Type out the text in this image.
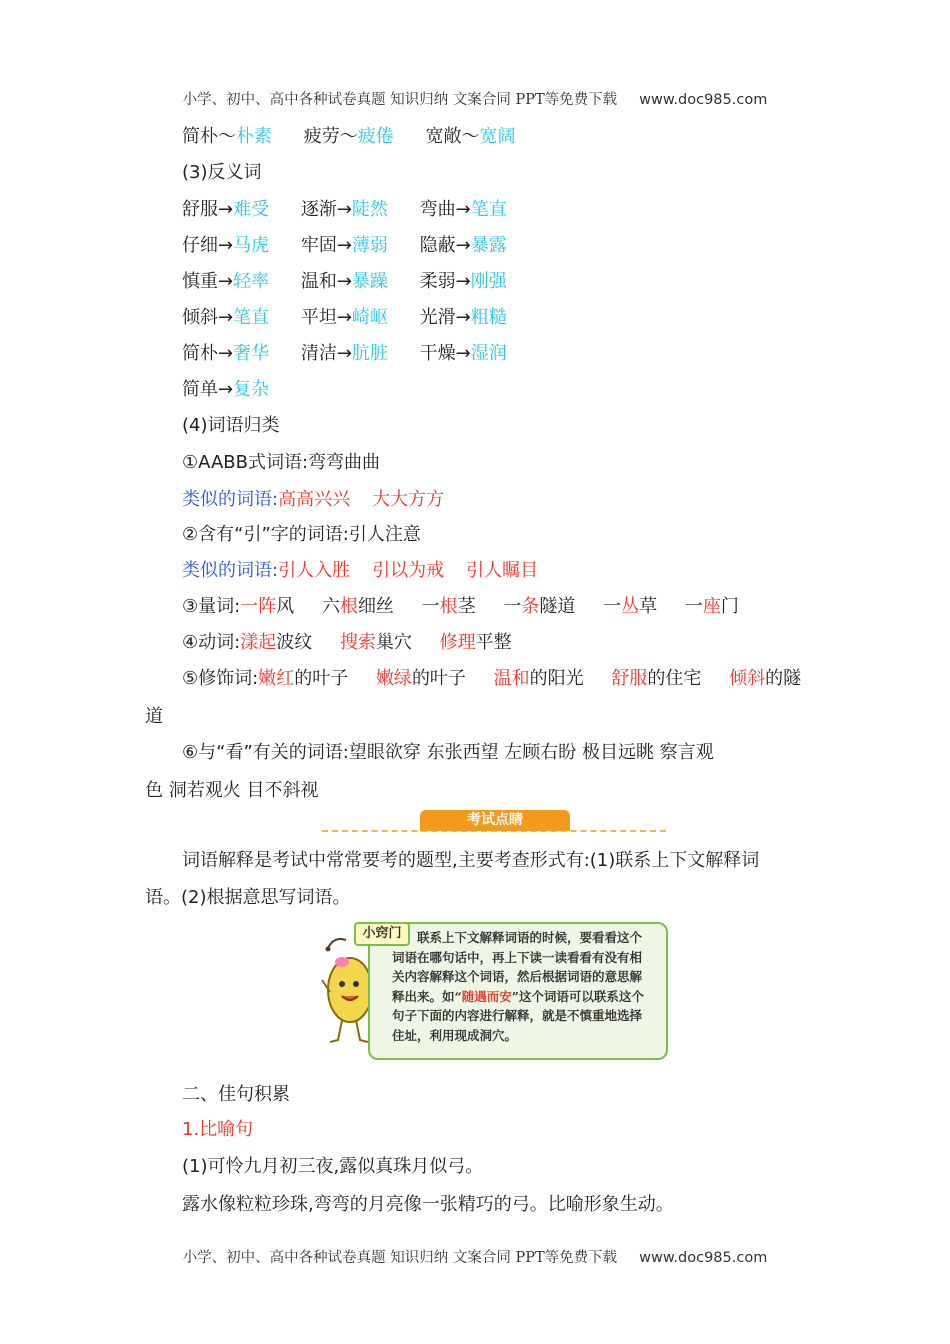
小学、初中、高中各种试卷真题 知识归纳 文案合同 PPT等免费下载 www.doc985.com
简朴～朴素 疲劳～疲倦 宽敞～宽阔
(3)反义词
舒服→难受 逐渐→陡然 弯曲→笔直
仔细→马虎 牢固→薄弱 隐蔽→暴露
慎重→轻率 温和→暴躁 柔弱→刚强
倾斜→笔直 平坦→崎岖 光滑→粗糙
简朴→奢华 清洁→肮脏 干燥→湿润
简单→复杂
(4)词语归类
①AABB式词语:弯弯曲曲
类似的词语:高高兴兴 大大方方
②含有“引”字的词语:引人注意
类似的词语:引人入胜 引以为戒 引人瞩目
③量词:一阵风 六根细丝 一根茎 一条隧道 一丛草 一座门
④动词:漾起波纹 搜索巢穴 修理平整
⑤修饰词:嫩红的叶子 嫩绿的叶子 温和的阳光 舒服的住宅 倾斜的隧
道
⑥与“看”有关的词语:望眼欲穿 东张西望 左顾右盼 极目远眺 察言观
色 洞若观火 目不斜视
考试点睛
词语解释是考试中常常要考的题型,主要考查形式有:(1)联系上下文解释词
语。(2)根据意思写词语。
小窍门
　　	联系上下文解释词语的时候，要看看这个词语在哪句话中，再上下读一读看看有没有相关内容解释这个词语，然后根据词语的意思解释出来。如“随遇而安”这个词语可以联系这个句子下面的内容进行解释，就是不慎重地选择住址，利用现成洞穴。
二、佳句积累
1.比喻句
(1)可怜九月初三夜,露似真珠月似弓。
露水像粒粒珍珠,弯弯的月亮像一张精巧的弓。比喻形象生动。
小学、初中、高中各种试卷真题 知识归纳 文案合同 PPT等免费下载 www.doc985.com
